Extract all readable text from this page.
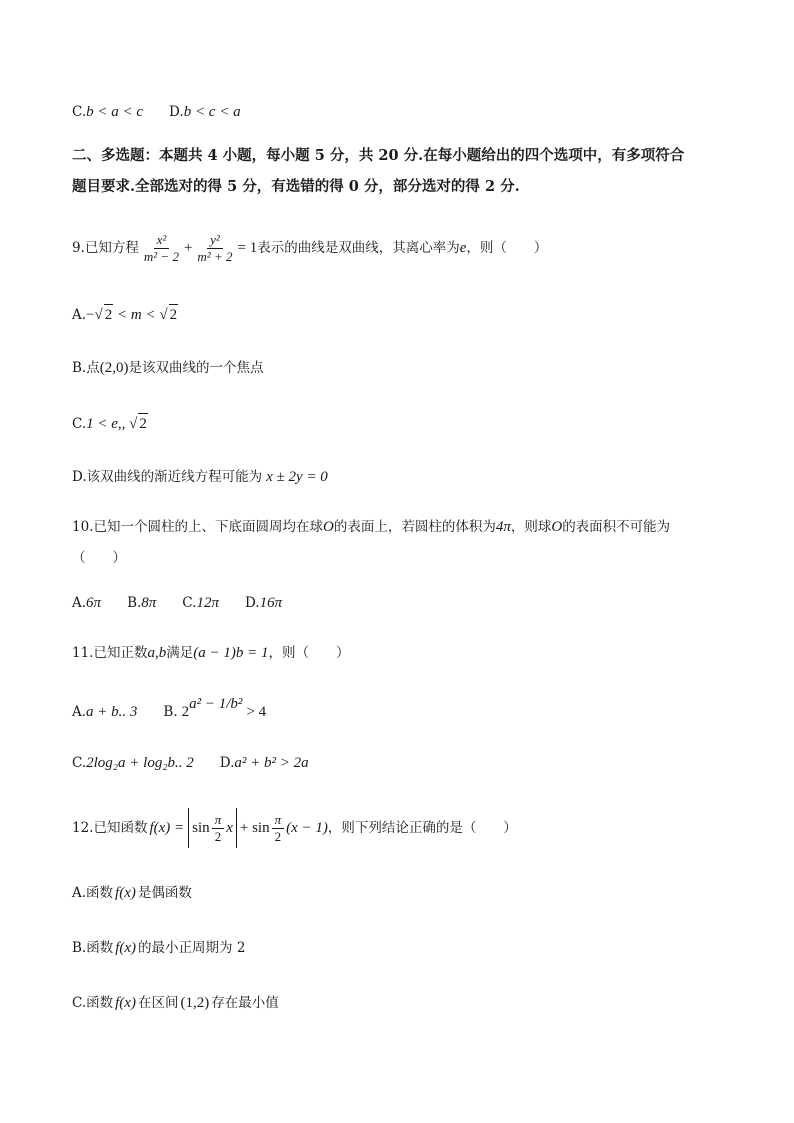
C. b < a < c D. b < c < a
二、多选题：本题共 4 小题，每小题 5 分，共 20 分.在每小题给出的四个选项中，有多项符合
题目要求.全部选对的得 5 分，有选错的得 0 分，部分选对的得 2 分.
9.已知方程 $\frac{\text{x²}}{\text{m² − 2}} + \frac{\text{y²}}{\text{m² + 2}} = 1$ 表示的曲线是双曲线，其离心率为 e ，则（　　）
A. − √ 2 < m < √ 2
B.点 (2,0) 是该双曲线的一个焦点
C. 1 < e,, √ 2
D.该双曲线的渐近线方程可能为 x ± 2y = 0
10.已知一个圆柱的上、下底面圆周均在球 O 的表面上，若圆柱的体积为 4π ，则球 O 的表面积不可能为
（　　）
A. 6π B. 8π C. 12π D. 16π
11.已知正数 a,b 满足 (a − 1)b = 1 ，则（　　）
A. a + b.. 3 B. $2^{a^2 - 1/b^2} > 4$
C. 2log₂a + log₂b.. 2 D. a² + b² > 2a
12.已知函数 $f(x) = \sin \frac{\pi}{2}$ $x + \sin \frac{\pi}{2} (x - 1)$ ，则下列结论正确的是（　　）
A.函数 f(x) 是偶函数
B.函数 f(x) 的最小正周期为 2
C.函数 f(x) 在区间 (1,2) 存在最小值
